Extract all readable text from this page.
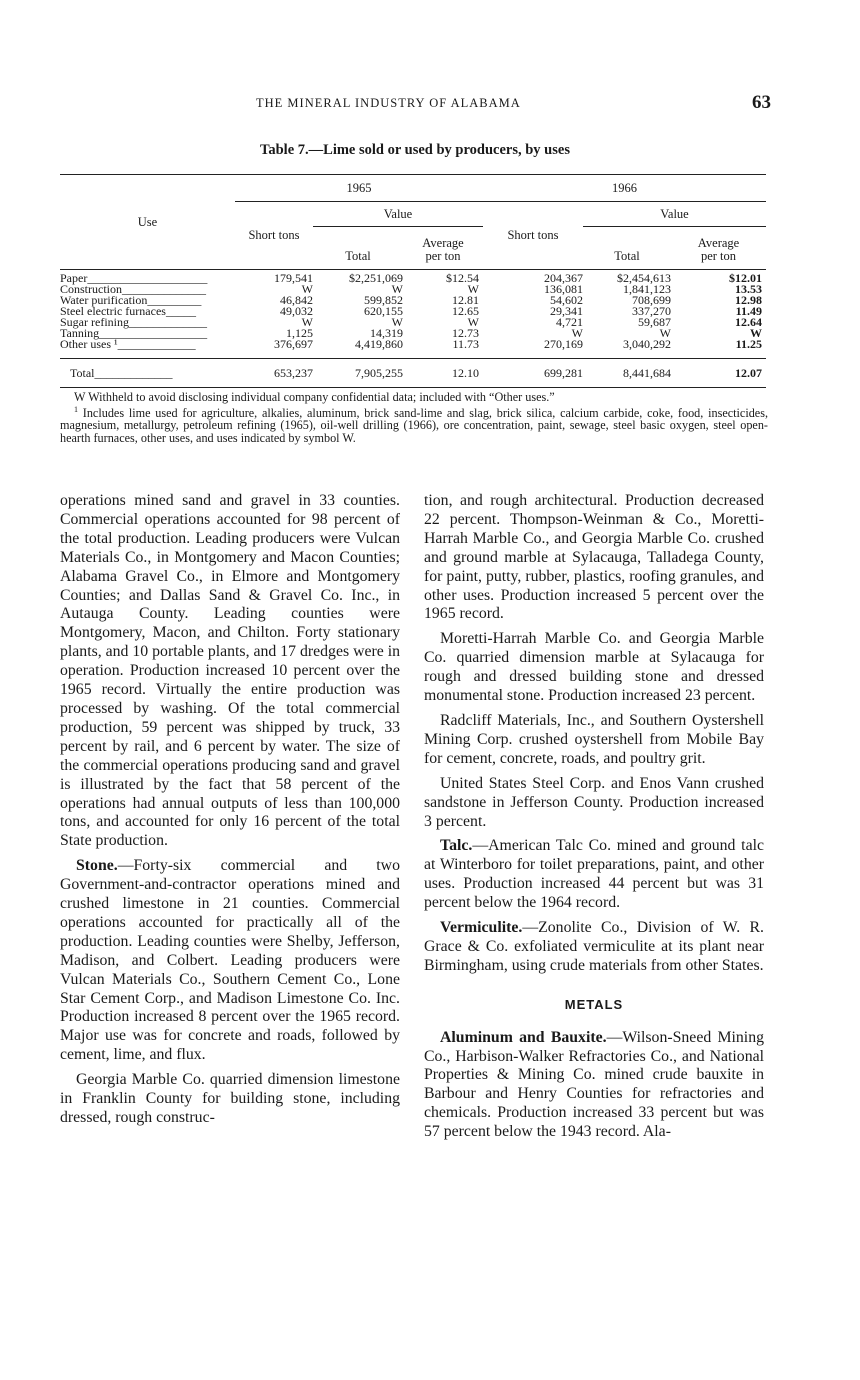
THE MINERAL INDUSTRY OF ALABAMA	63
Table 7.—Lime sold or used by producers, by uses
Use	1965			1966		
	Short tons	Value		Short tons	Value	
		Total	Average per ton		Total	Average per ton
Paper____________________	179,541	$2,251,069	$12.54	204,367	$2,454,613	$12.01
Construction______________	W	W	W	136,081	1,841,123	13.53
Water purification_________	46,842	599,852	12.81	54,602	708,699	12.98
Steel electric furnaces_____	49,032	620,155	12.65	29,341	337,270	11.49
Sugar refining_____________	W	W	W	4,721	59,687	12.64
Tanning__________________	1,125	14,319	12.73	W	W	W
Other uses ¹_____________	376,697	4,419,860	11.73	270,169	3,040,292	11.25
Total_____________	653,237	7,905,255	12.10	699,281	8,441,684	12.07

W Withheld to avoid disclosing individual company confidential data; included with “Other uses.”

$^1$ Includes lime used for agriculture, alkalies, aluminum, brick sand-lime and slag, brick silica, calcium carbide, coke, food, insecticides, magnesium, metallurgy, petroleum refining (1965), oil-well drilling (1966), ore concentration, paint, sewage, steel basic oxygen, steel open-hearth furnaces, other uses, and uses indicated by symbol W.

operations mined sand and gravel in 33 counties. Commercial operations accounted for 98 percent of the total production. Leading producers were Vulcan Materials Co., in Montgomery and Macon Counties; Alabama Gravel Co., in Elmore and Montgomery Counties; and Dallas Sand & Gravel Co. Inc., in Autauga County. Leading counties were Montgomery, Macon, and Chilton. Forty stationary plants, and 10 portable plants, and 17 dredges were in operation. Production increased 10 percent over the 1965 record. Virtually the entire production was processed by washing. Of the total commercial production, 59 percent was shipped by truck, 33 percent by rail, and 6 percent by water. The size of the commercial operations producing sand and gravel is illustrated by the fact that 58 percent of the operations had annual outputs of less than 100,000 tons, and accounted for only 16 percent of the total State production.

Stone.—Forty-six commercial and two Government-and-contractor operations mined and crushed limestone in 21 counties. Commercial operations accounted for practically all of the production. Leading counties were Shelby, Jefferson, Madison, and Colbert. Leading producers were Vulcan Materials Co., Southern Cement Co., Lone Star Cement Corp., and Madison Limestone Co. Inc. Production increased 8 percent over the 1965 record. Major use was for concrete and roads, followed by cement, lime, and flux.

Georgia Marble Co. quarried dimension limestone in Franklin County for building stone, including dressed, rough construc-

tion, and rough architectural. Production decreased 22 percent. Thompson-Weinman & Co., Moretti-Harrah Marble Co., and Georgia Marble Co. crushed and ground marble at Sylacauga, Talladega County, for paint, putty, rubber, plastics, roofing granules, and other uses. Production increased 5 percent over the 1965 record.

Moretti-Harrah Marble Co. and Georgia Marble Co. quarried dimension marble at Sylacauga for rough and dressed building stone and dressed monumental stone. Production increased 23 percent.

Radcliff Materials, Inc., and Southern Oystershell Mining Corp. crushed oystershell from Mobile Bay for cement, concrete, roads, and poultry grit.

United States Steel Corp. and Enos Vann crushed sandstone in Jefferson County. Production increased 3 percent.

Talc.—American Talc Co. mined and ground talc at Winterboro for toilet preparations, paint, and other uses. Production increased 44 percent but was 31 percent below the 1964 record.

Vermiculite.—Zonolite Co., Division of W. R. Grace & Co. exfoliated vermiculite at its plant near Birmingham, using crude materials from other States.

METALS

Aluminum and Bauxite.—Wilson-Sneed Mining Co., Harbison-Walker Refractories Co., and National Properties & Mining Co. mined crude bauxite in Barbour and Henry Counties for refractories and chemicals. Production increased 33 percent but was 57 percent below the 1943 record. Ala-
